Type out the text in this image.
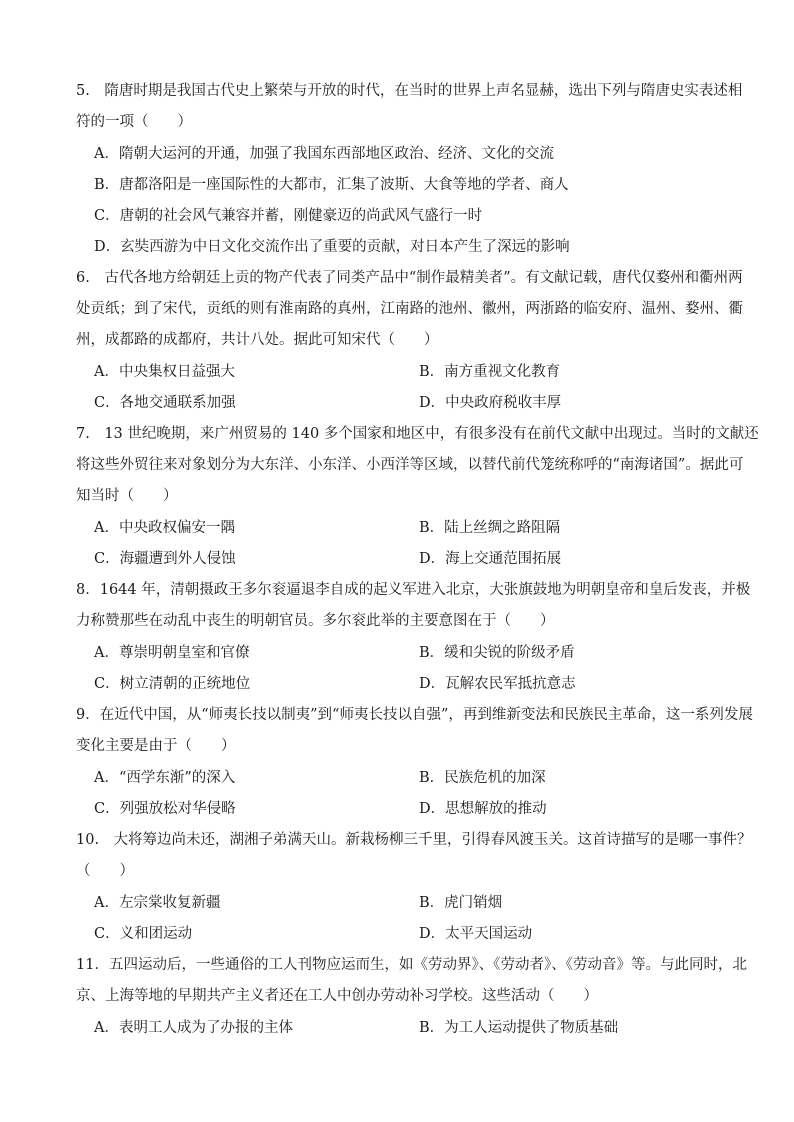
5.　隋唐时期是我国古代史上繁荣与开放的时代，在当时的世界上声名显赫，选出下列与隋唐史实表述相
符的一项（　　）
A．隋朝大运河的开通，加强了我国东西部地区政治、经济、文化的交流
B．唐都洛阳是一座国际性的大都市，汇集了波斯、大食等地的学者、商人
C．唐朝的社会风气兼容并蓄，刚健豪迈的尚武风气盛行一时
D．玄奘西游为中日文化交流作出了重要的贡献，对日本产生了深远的影响
6.　古代各地方给朝廷上贡的物产代表了同类产品中“制作最精美者”。有文献记载，唐代仅婺州和衢州两
处贡纸；到了宋代，贡纸的则有淮南路的真州，江南路的池州、徽州，两浙路的临安府、温州、婺州、衢
州，成都路的成都府，共计八处。据此可知宋代（　　）
A．中央集权日益强大	B．南方重视文化教育
C．各地交通联系加强	D．中央政府税收丰厚
7.　13 世纪晚期，来广州贸易的 140 多个国家和地区中，有很多没有在前代文献中出现过。当时的文献还
将这些外贸往来对象划分为大东洋、小东洋、小西洋等区域，以替代前代笼统称呼的“南海诸国”。据此可
知当时（　　）
A．中央政权偏安一隅	B．陆上丝绸之路阻隔
C．海疆遭到外人侵蚀	D．海上交通范围拓展
8．1644 年，清朝摄政王多尔衮逼退李自成的起义军进入北京，大张旗鼓地为明朝皇帝和皇后发丧，并极
力称赞那些在动乱中丧生的明朝官员。多尔衮此举的主要意图在于（　　）
A．尊崇明朝皇室和官僚	B．缓和尖锐的阶级矛盾
C．树立清朝的正统地位	D．瓦解农民军抵抗意志
9．在近代中国，从“师夷长技以制夷”到“师夷长技以自强”，再到维新变法和民族民主革命，这一系列发展
变化主要是由于（　　）
A．“西学东渐”的深入	B．民族危机的加深
C．列强放松对华侵略	D．思想解放的推动
10.　大将筹边尚未还，湖湘子弟满天山。新栽杨柳三千里，引得春风渡玉关。这首诗描写的是哪一事件？
（　　）
A．左宗棠收复新疆	B．虎门销烟
C．义和团运动	D．太平天国运动
11．五四运动后，一些通俗的工人刊物应运而生，如《劳动界》、《劳动者》、《劳动音》等。与此同时，北
京、上海等地的早期共产主义者还在工人中创办劳动补习学校。这些活动（　　）
A．表明工人成为了办报的主体	B．为工人运动提供了物质基础
